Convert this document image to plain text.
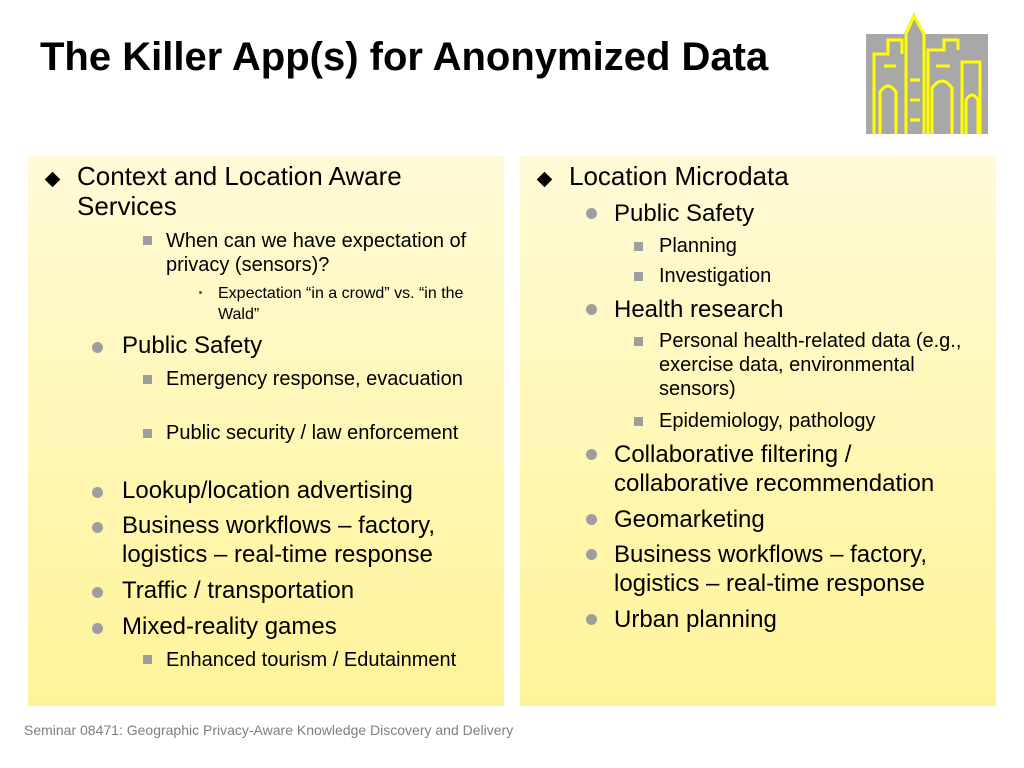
The Killer App(s) for Anonymized Data
Context and Location Aware Services
When can we have expectation of privacy (sensors)?
Expectation “in a crowd” vs. “in the Wald”
Public Safety
Emergency response, evacuation
Public security / law enforcement
Lookup/location advertising
Business workflows – factory, logistics – real-time response
Traffic / transportation
Mixed-reality games
Enhanced tourism / Edutainment
Location Microdata
Public Safety
Planning
Investigation
Health research
Personal health-related data (e.g., exercise data, environmental sensors)
Epidemiology, pathology
Collaborative filtering / collaborative recommendation
Geomarketing
Business workflows – factory, logistics – real-time response
Urban planning
Seminar 08471: Geographic Privacy-Aware Knowledge Discovery and Delivery
